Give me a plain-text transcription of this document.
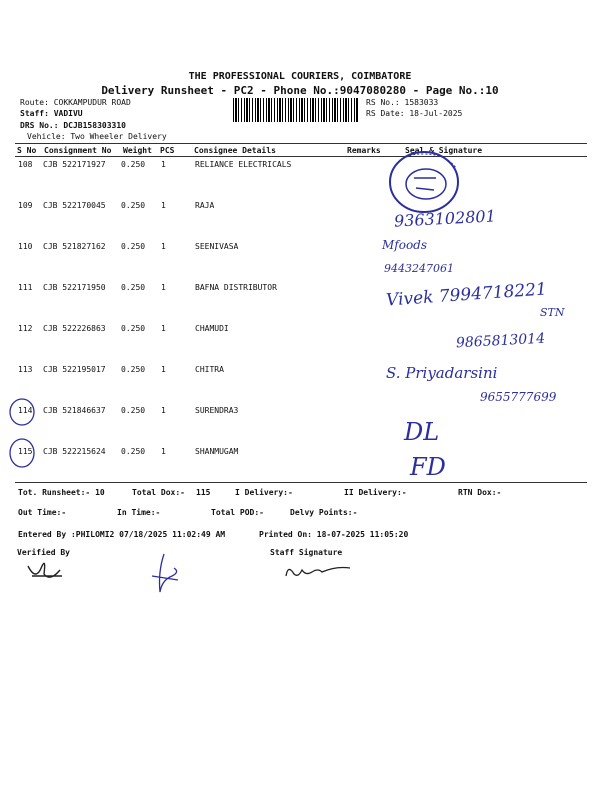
THE PROFESSIONAL COURIERS, COIMBATORE
Delivery Runsheet - PC2 - Phone No.:9047080280 - Page No.:10
Route: COKKAMPUDUR ROAD
Staff: VADIVU
DRS No.: DCJB158303310
Vehicle: Two Wheeler Delivery
RS No.: 1583033
RS Date: 18-Jul-2025
S No Consignment No Weight PCS Consignee Details	Remarks	Seal & Signature
108 CJB 522171927 0.250 1	RELIANCE ELECTRICALS
109 CJB 522170045 0.250 1	RAJA
110 CJB 521827162 0.250 1	SEENIVASA
111 CJB 522171950 0.250 1	BAFNA DISTRIBUTOR
112 CJB 522226863 0.250 1	CHAMUDI
113 CJB 522195017 0.250 1	CHITRA
114 CJB 521846637 0.250 1	SURENDRA3
115 CJB 522215624 0.250 1	SHANMUGAM
Tot. Runsheet:- 10	Total Dox:- 115	I Delivery:-	II Delivery:-	RTN Dox:-
Out Time:-	In Time:-	Total POD:-	Delvy Points:-
Entered By :PHILOMI2 07/18/2025 11:02:49 AM	Printed On: 18-07-2025 11:05:20
Verified By	Staff Signature
9363102801
Mfoods
9443247061
Vivek 7994718221
STN
9865813014
S. Priyadarsini
9655777699
DL
FD
